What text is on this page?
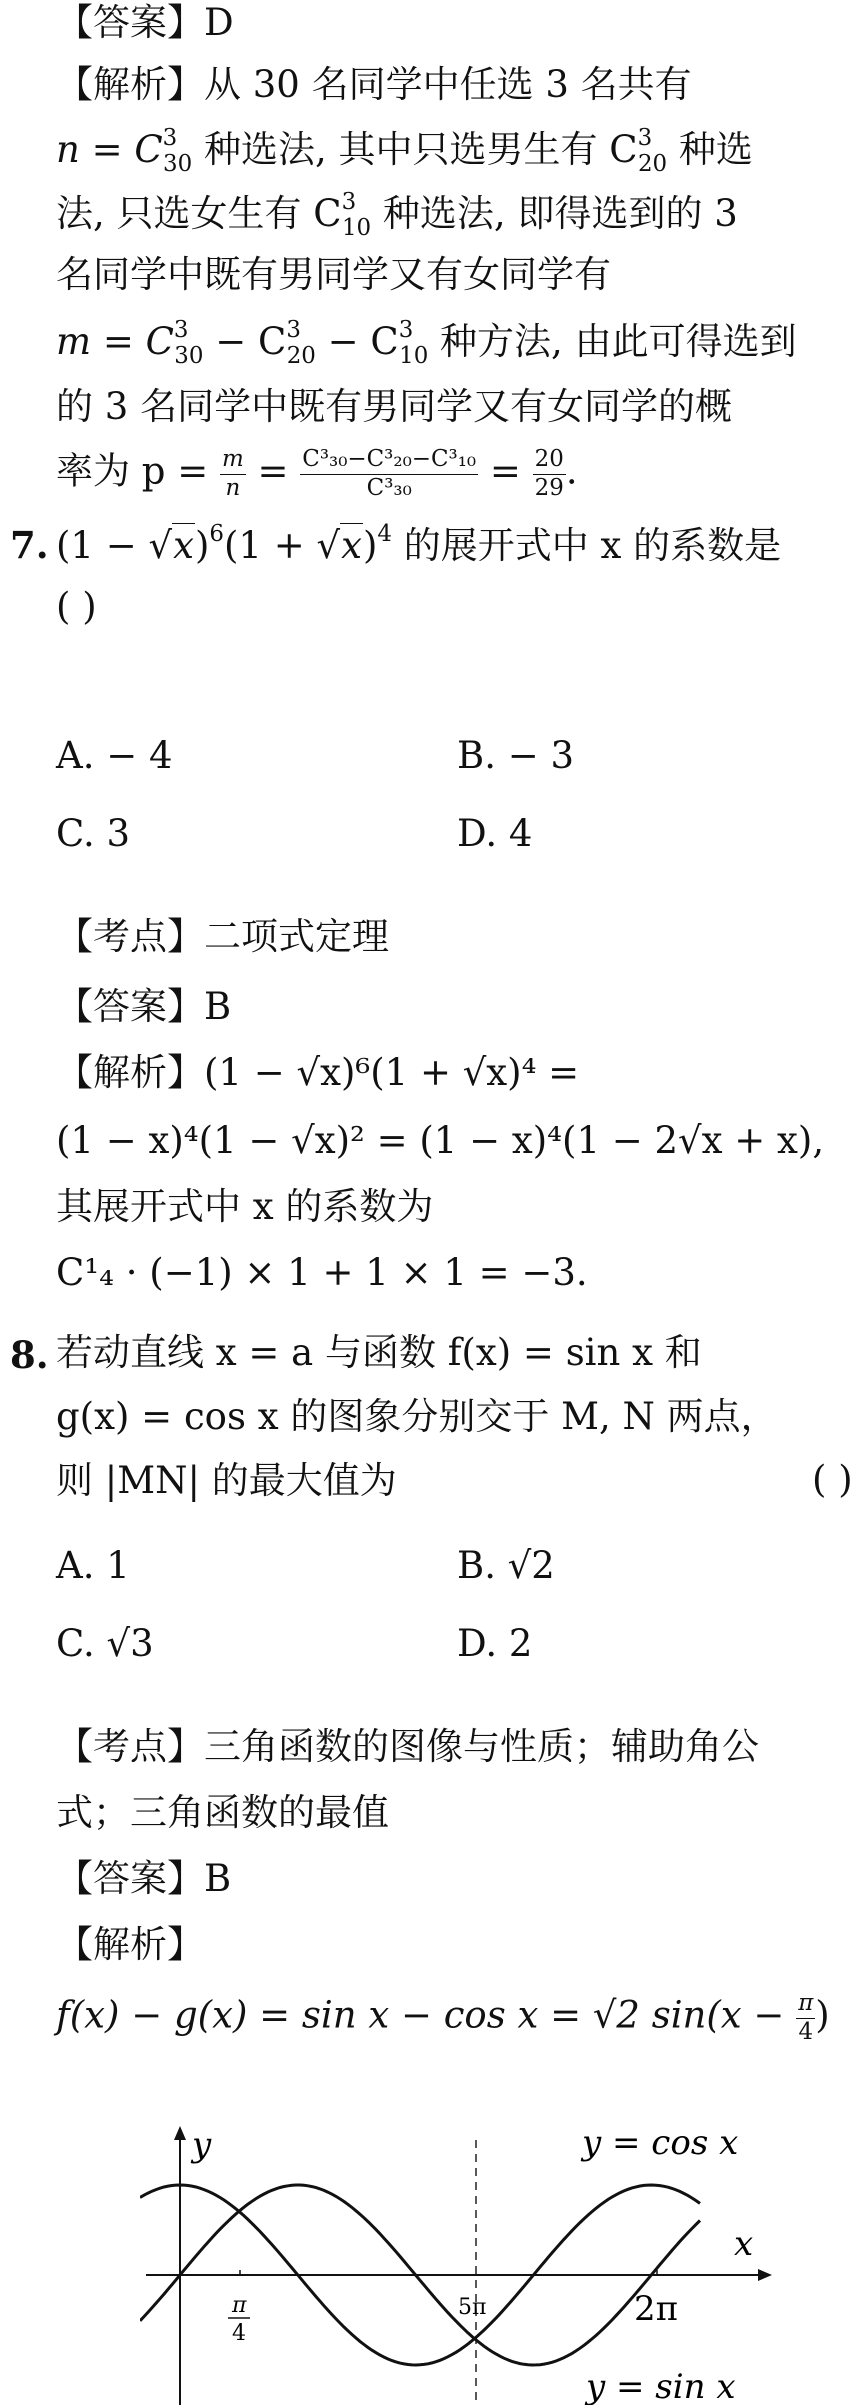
【答案】D
【解析】从 30 名同学中任选 3 名共有
$n = C^3_{30}$ 种选法, 其中只选男生有 $C^3_{20}$ 种选
法, 只选女生有 $C^3_{10}$ 种选法, 即得选到的 3
名同学中既有男同学又有女同学有
$m = C^3_{30} - C^3_{20} - C^3_{10}$ 种方法, 由此可得选到
的 3 名同学中既有男同学又有女同学的概
率为 $p = \frac{m}{n} = \frac{\text{C³₃₀−C³₂₀−C³₁₀}}{\text{C³₃₀}} = \frac{20}{29}$ .
7. $(1 - √x)^6(1 + √x)^4$ 的展开式中 x 的系数是
( )
A. − 4	B. − 3
C. 3	D. 4
【考点】二项式定理
【答案】B
【解析】(1 − √x)⁶(1 + √x)⁴ =
(1 − x)⁴(1 − √x)² = (1 − x)⁴(1 − 2√x + x),
其展开式中 x 的系数为
C¹₄ · (−1) × 1 + 1 × 1 = −3.
8. 若动直线 x = a 与函数 f(x) = sin x 和
g(x) = cos x 的图象分别交于 M, N 两点，
则 |MN| 的最大值为	( )
A. 1	B. √2
C. √3	D. 2
【考点】三角函数的图像与性质；辅助角公
式；三角函数的最值
【答案】B
【解析】
f(x) − g(x) = sin x − cos x = √2 $\sin(x - \frac{\pi}{4}$ )
y
x
y = cos x
y = sin x
π
4
5π	2π
